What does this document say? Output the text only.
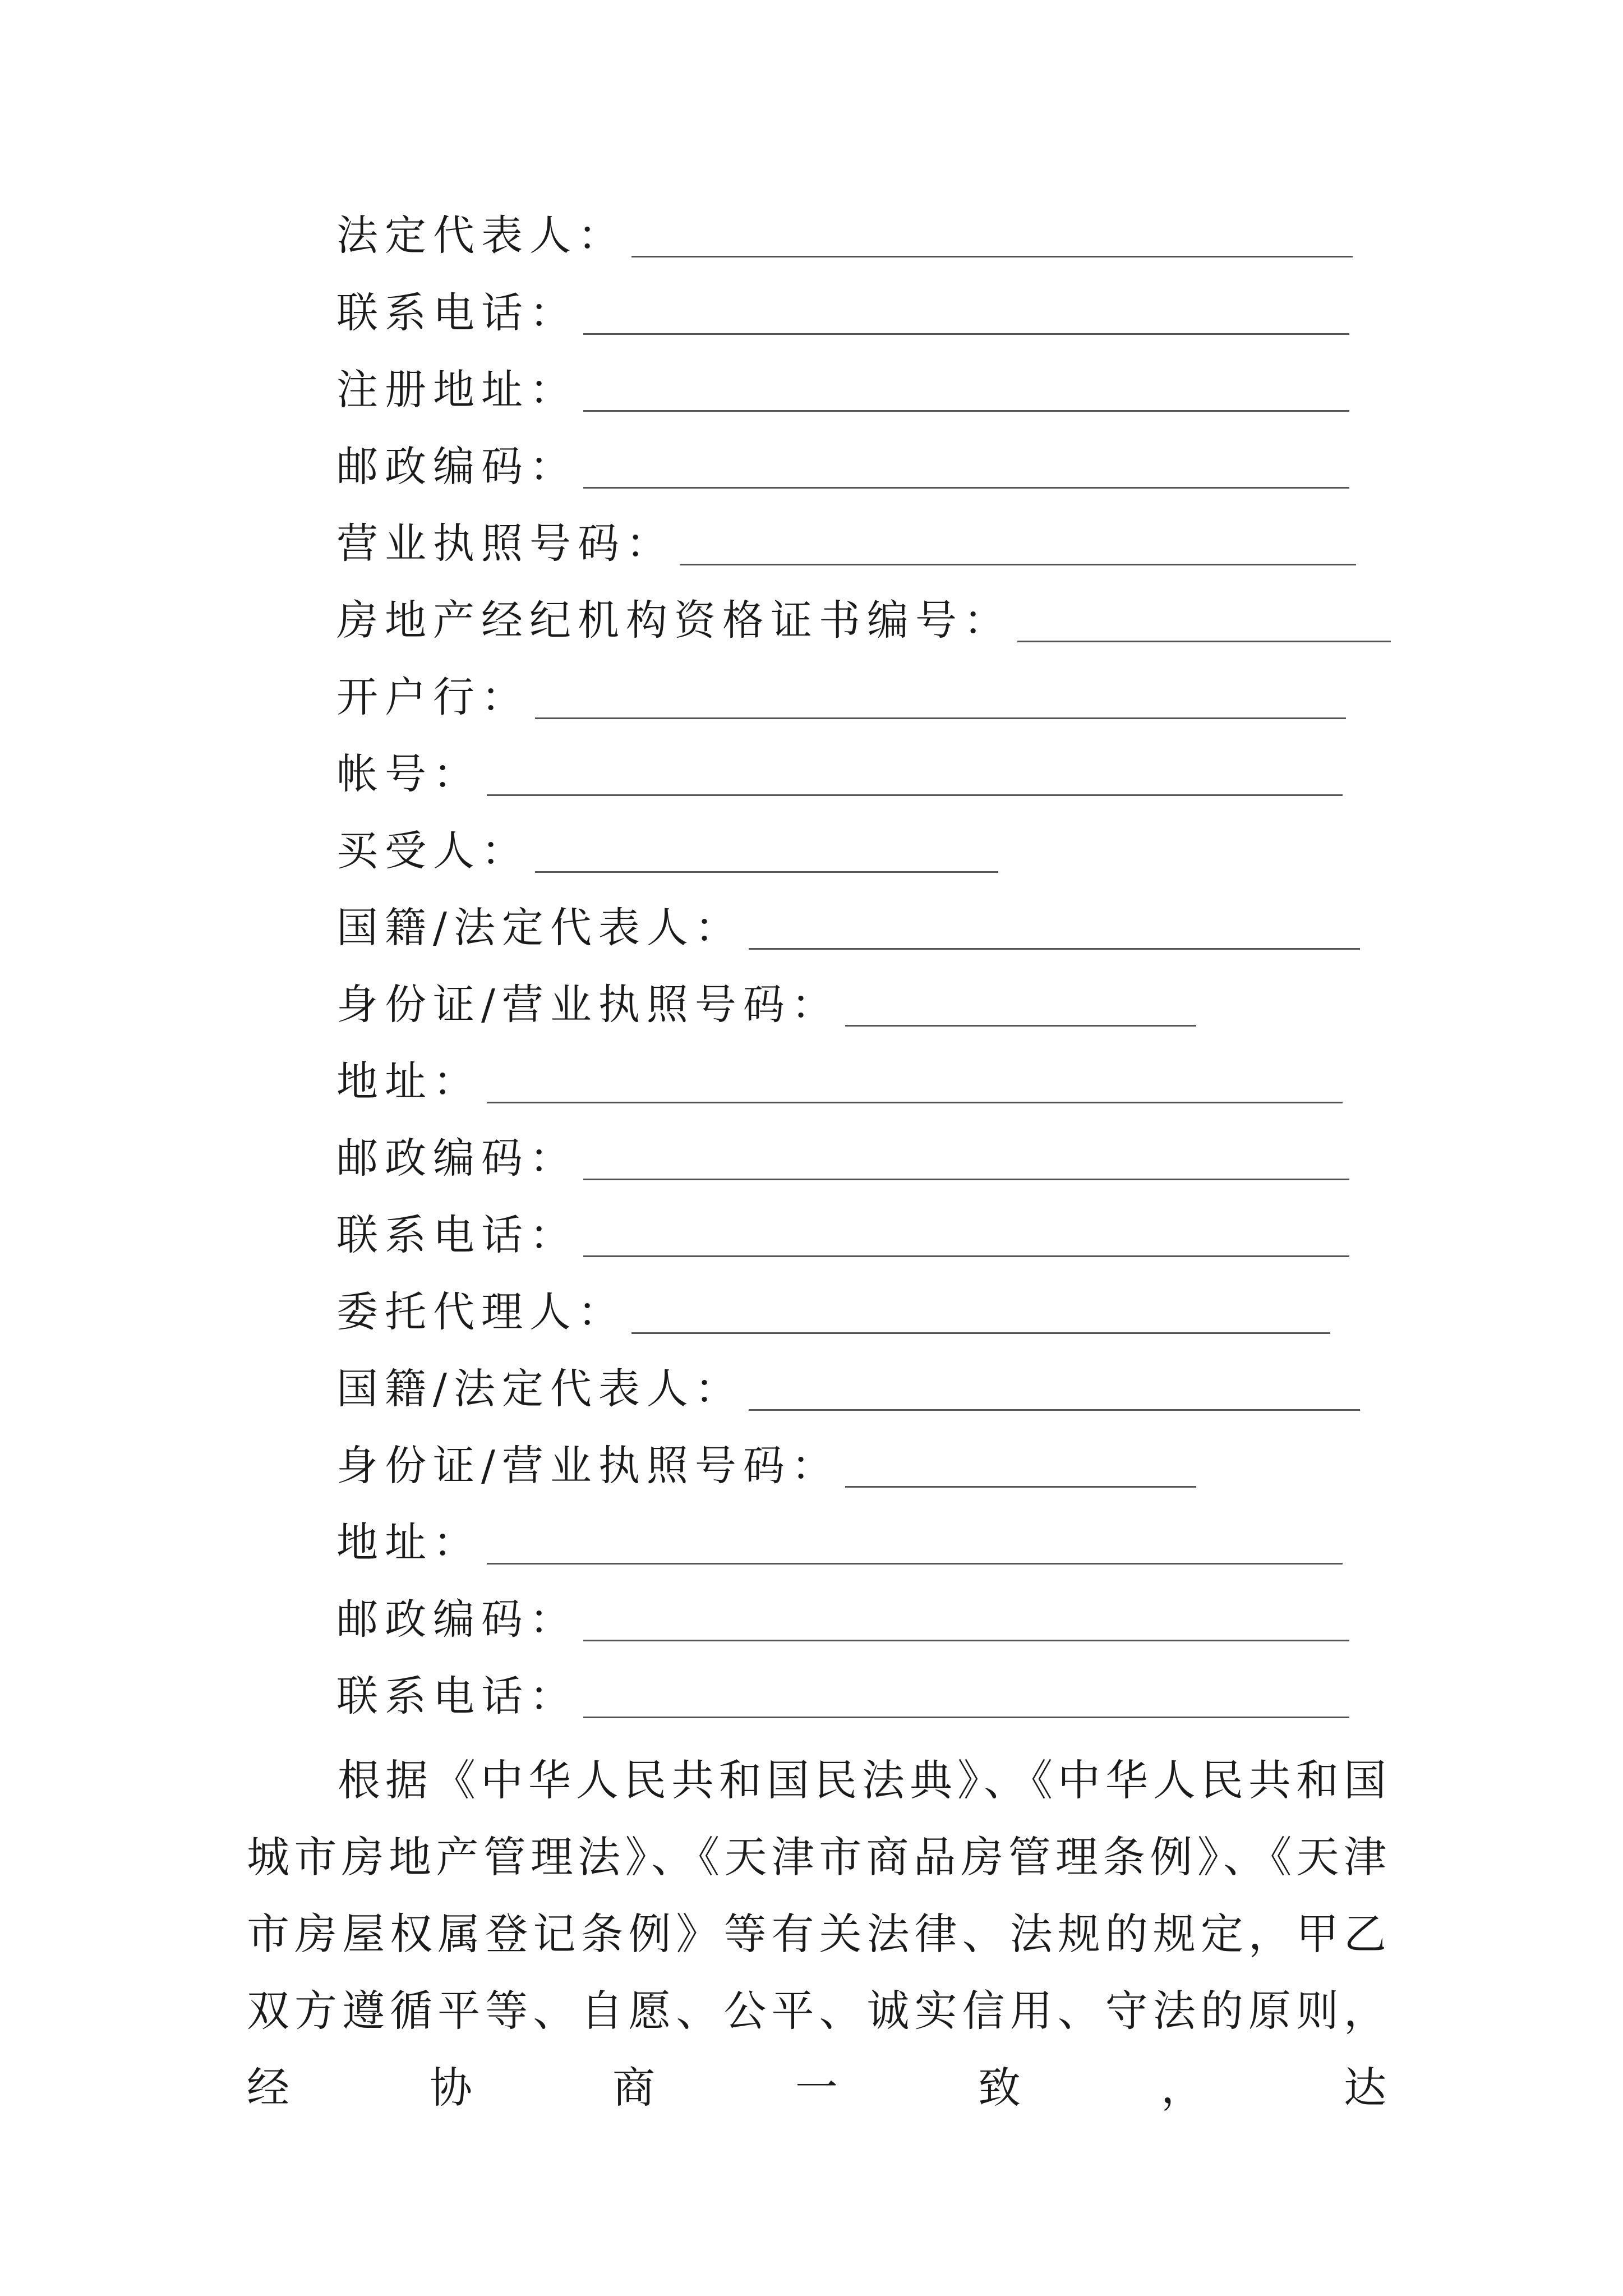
法定代表人：
联系电话：
注册地址：
邮政编码：
营业执照号码：
房地产经纪机构资格证书编号：
开户行：
帐号：
买受人：
国籍/法定代表人：
身份证/营业执照号码：
地址：
邮政编码：
联系电话：
委托代理人：
国籍/法定代表人：
身份证/营业执照号码：
地址：
邮政编码：
联系电话：

根据《中华人民共和国民法典》、《中华人民共和国城市房地产管理法》、《天津市商品房管理条例》、《天津市房屋权属登记条例》等有关法律、法规的规定，甲乙双方遵循平等、自愿、公平、诚实信用、守法的原则，经协商一致，达
